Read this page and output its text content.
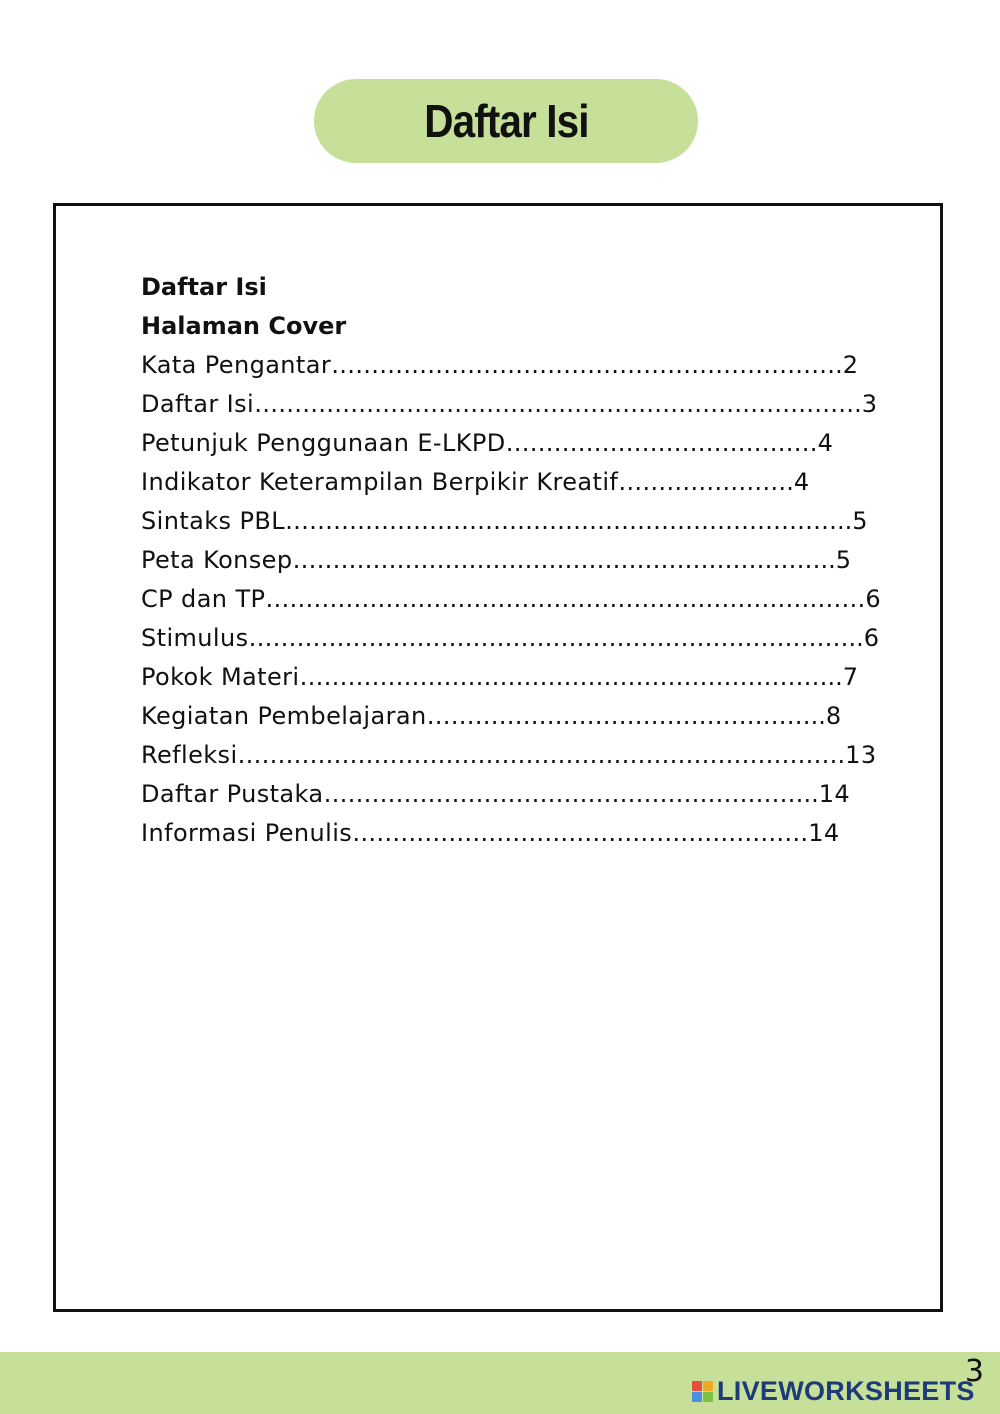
Daftar Isi
Daftar Isi
Halaman Cover
Kata Pengantar……………………………………………………….2
Daftar Isi………………………………………………………………….3
Petunjuk Penggunaan E-LKPD…………………………………4
Indikator Keterampilan Berpikir Kreatif………………….4
Sintaks PBL……………………………………………………………..5
Peta Konsep…………………………………………………………..5
CP dan TP…………………………………………………………………6
Stimulus…………………………………………………………………..6
Pokok Materi…………………………………………………………..7
Kegiatan Pembelajaran…………………………………………..8
Refleksi………………………………………………………………….13
Daftar Pustaka……………………………………………………..14
Informasi Penulis…………………………………………………14
3
LIVEWORKSHEETS
